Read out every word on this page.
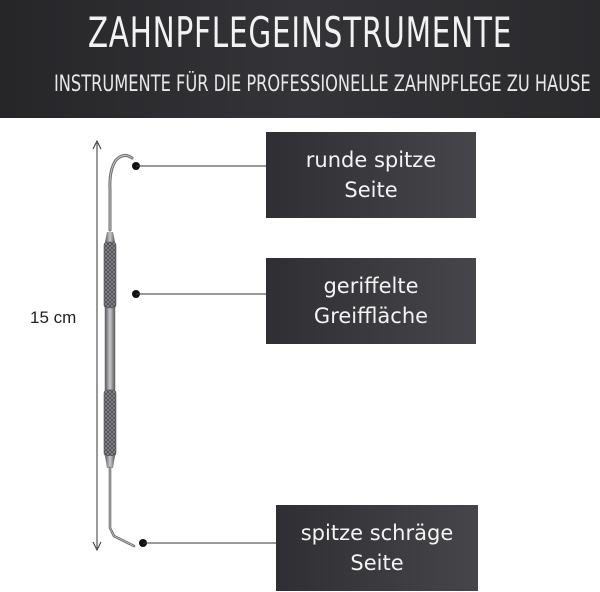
ZAHNPFLEGEINSTRUMENTE
INSTRUMENTE FÜR DIE PROFESSIONELLE ZAHNPFLEGE ZU HAUSE
15 cm
runde spitze
Seite
geriffelte
Greiffläche
spitze schräge
Seite
